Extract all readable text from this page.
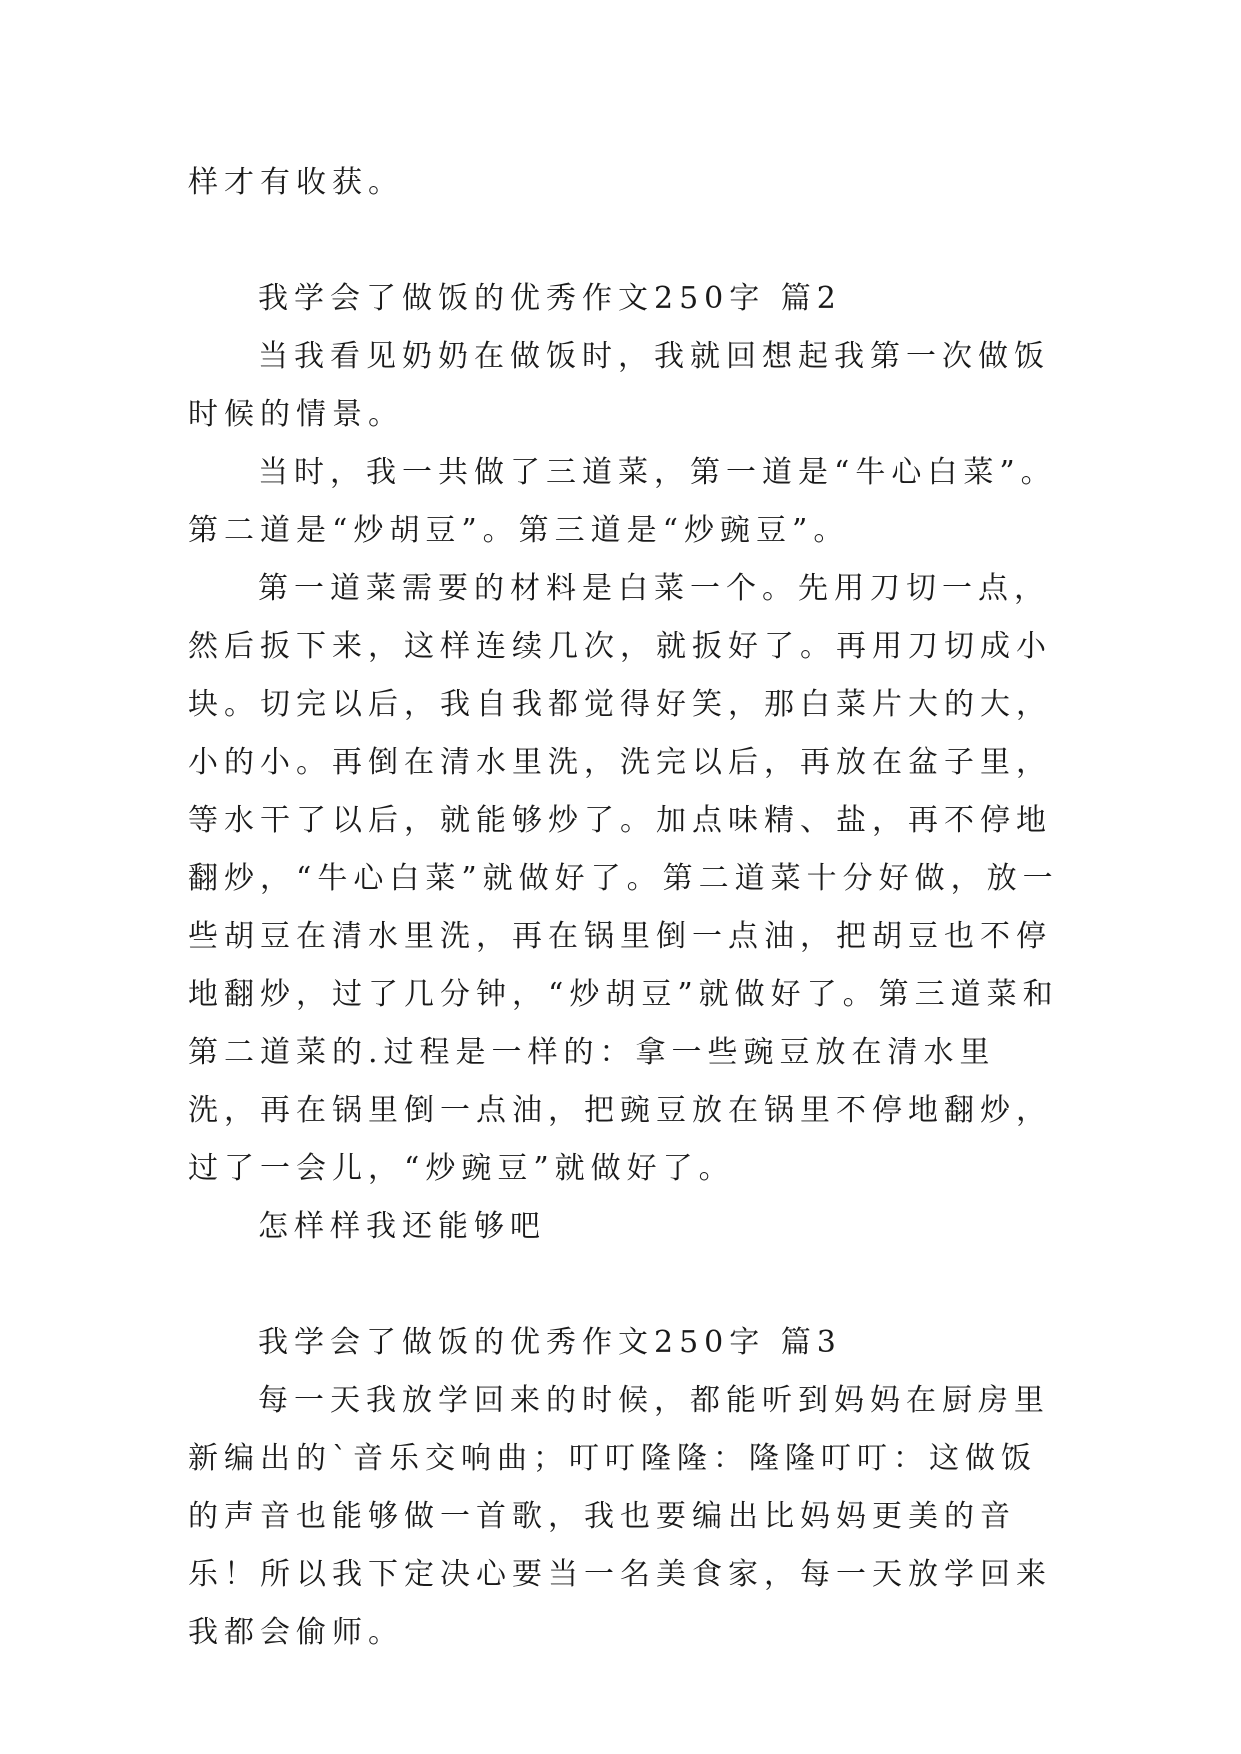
样才有收获。

我学会了做饭的优秀作文250字 篇2

当我看见奶奶在做饭时，我就回想起我第一次做饭时候的情景。

当时，我一共做了三道菜，第一道是“牛心白菜”。第二道是“炒胡豆”。第三道是“炒豌豆”。

第一道菜需要的材料是白菜一个。先用刀切一点，然后扳下来，这样连续几次，就扳好了。再用刀切成小块。切完以后，我自我都觉得好笑，那白菜片大的大，小的小。再倒在清水里洗，洗完以后，再放在盆子里，等水干了以后，就能够炒了。加点味精、盐，再不停地翻炒，“牛心白菜”就做好了。第二道菜十分好做，放一些胡豆在清水里洗，再在锅里倒一点油，把胡豆也不停地翻炒，过了几分钟，“炒胡豆”就做好了。第三道菜和第二道菜的.过程是一样的：拿一些豌豆放在清水里洗，再在锅里倒一点油，把豌豆放在锅里不停地翻炒，过了一会儿，“炒豌豆”就做好了。

怎样样我还能够吧

我学会了做饭的优秀作文250字 篇3

每一天我放学回来的时候，都能听到妈妈在厨房里新编出的`音乐交响曲；叮叮隆隆：隆隆叮叮：这做饭的声音也能够做一首歌，我也要编出比妈妈更美的音乐！所以我下定决心要当一名美食家，每一天放学回来我都会偷师。
